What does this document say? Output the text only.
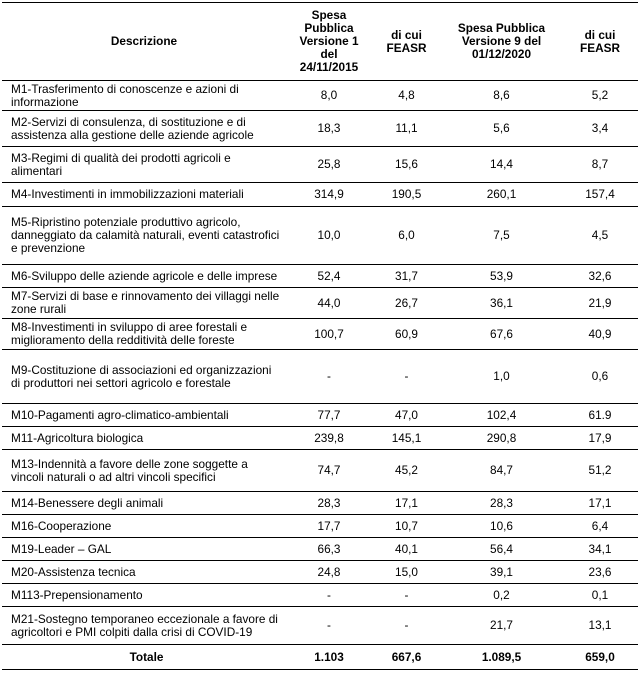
Descrizione	Spesa Pubblica Versione 1 del 24/11/2015	di cui FEASR	Spesa Pubblica Versione 9 del 01/12/2020	di cui FEASR
M1-Trasferimento di conoscenze e azioni di informazione	8,0	4,8	8,6	5,2
M2-Servizi di consulenza, di sostituzione e di assistenza alla gestione delle aziende agricole	18,3	11,1	5,6	3,4
M3-Regimi di qualità dei prodotti agricoli e alimentari	25,8	15,6	14,4	8,7
M4-Investimenti in immobilizzazioni materiali	314,9	190,5	260,1	157,4
M5-Ripristino potenziale produttivo agricolo, danneggiato da calamità naturali, eventi catastrofici e prevenzione	10,0	6,0	7,5	4,5
M6-Sviluppo delle aziende agricole e delle imprese	52,4	31,7	53,9	32,6
M7-Servizi di base e rinnovamento dei villaggi nelle zone rurali	44,0	26,7	36,1	21,9
M8-Investimenti in sviluppo di aree forestali e miglioramento della redditività delle foreste	100,7	60,9	67,6	40,9
M9-Costituzione di associazioni ed organizzazioni di produttori nei settori agricolo e forestale	-	-	1,0	0,6
M10-Pagamenti agro-climatico-ambientali	77,7	47,0	102,4	61.9
M11-Agricoltura biologica	239,8	145,1	290,8	17,9
M13-Indennità a favore delle zone soggette a vincoli naturali o ad altri vincoli specifici	74,7	45,2	84,7	51,2
M14-Benessere degli animali	28,3	17,1	28,3	17,1
M16-Cooperazione	17,7	10,7	10,6	6,4
M19-Leader – GAL	66,3	40,1	56,4	34,1
M20-Assistenza tecnica	24,8	15,0	39,1	23,6
M113-Prepensionamento	-	-	0,2	0,1
M21-Sostegno temporaneo eccezionale a favore di agricoltori e PMI colpiti dalla crisi di COVID-19	-	-	21,7	13,1
Totale	1.103	667,6	1.089,5	659,0
